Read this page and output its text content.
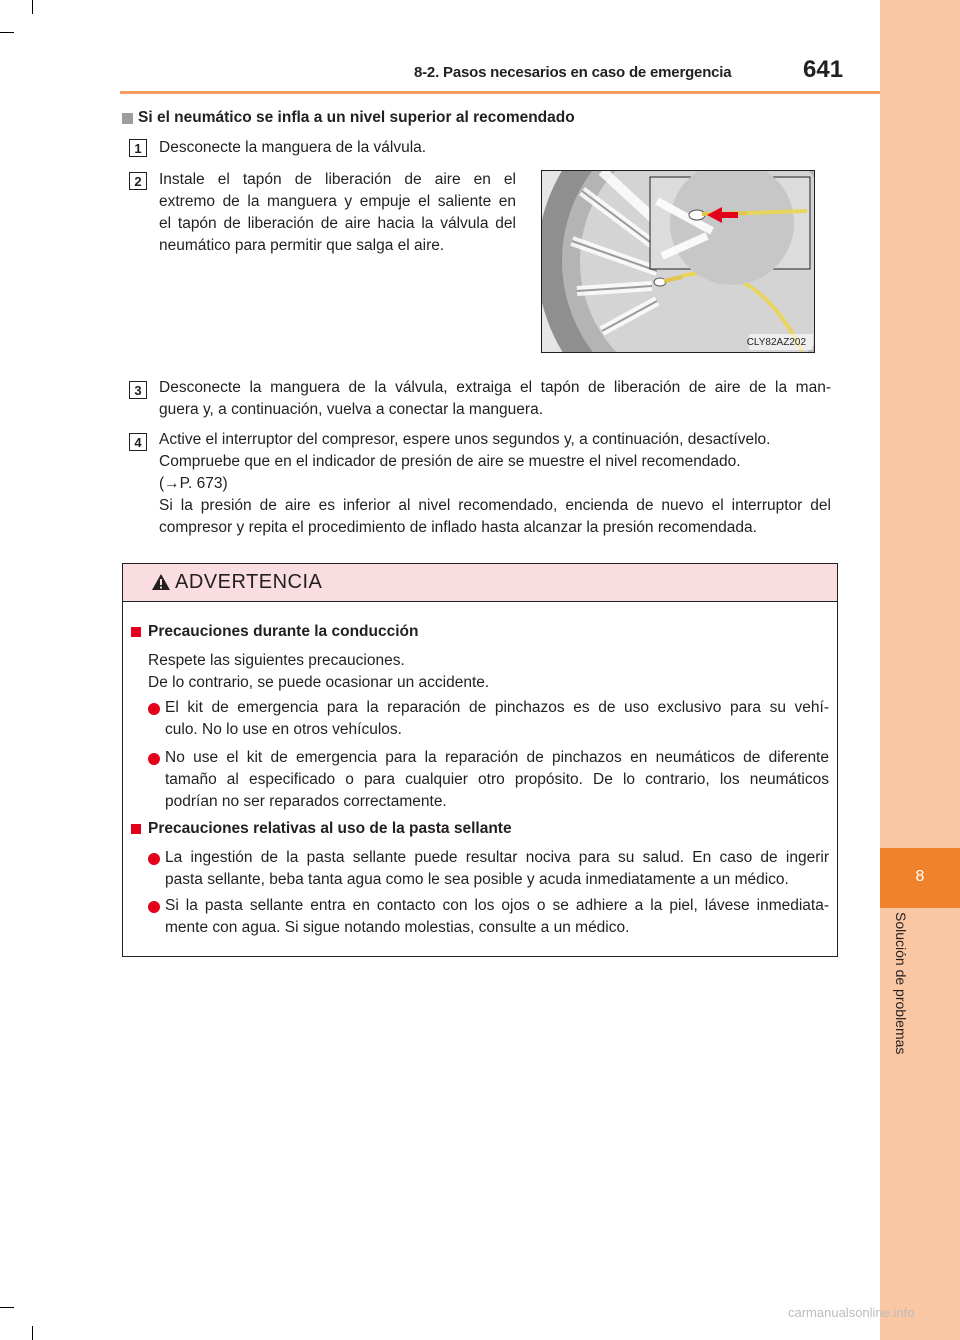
8
Solución de problemas
8-2. Pasos necesarios en caso de emergencia	641
Si el neumático se infla a un nivel superior al recomendado
1	Desconecte la manguera de la válvula.
2	Instale el tapón de liberación de aire en el
extremo de la manguera y empuje el saliente en
el tapón de liberación de aire hacia la válvula del
neumático para permitir que salga el aire.
CLY82AZ202
3	Desconecte la manguera de la válvula, extraiga el tapón de liberación de aire de la man-
guera y, a continuación, vuelva a conectar la manguera.
4	Active el interruptor del compresor, espere unos segundos y, a continuación, desactívelo.
Compruebe que en el indicador de presión de aire se muestre el nivel recomendado.
(→P. 673)
Si la presión de aire es inferior al nivel recomendado, encienda de nuevo el interruptor del
compresor y repita el procedimiento de inflado hasta alcanzar la presión recomendada.
ADVERTENCIA
Precauciones durante la conducción
Respete las siguientes precauciones.
De lo contrario, se puede ocasionar un accidente.
El kit de emergencia para la reparación de pinchazos es de uso exclusivo para su vehí-
culo. No lo use en otros vehículos.
No use el kit de emergencia para la reparación de pinchazos en neumáticos de diferente
tamaño al especificado o para cualquier otro propósito. De lo contrario, los neumáticos
podrían no ser reparados correctamente.
Precauciones relativas al uso de la pasta sellante
La ingestión de la pasta sellante puede resultar nociva para su salud. En caso de ingerir
pasta sellante, beba tanta agua como le sea posible y acuda inmediatamente a un médico.
Si la pasta sellante entra en contacto con los ojos o se adhiere a la piel, lávese inmediata-
mente con agua. Si sigue notando molestias, consulte a un médico.
carmanualsonline.info
